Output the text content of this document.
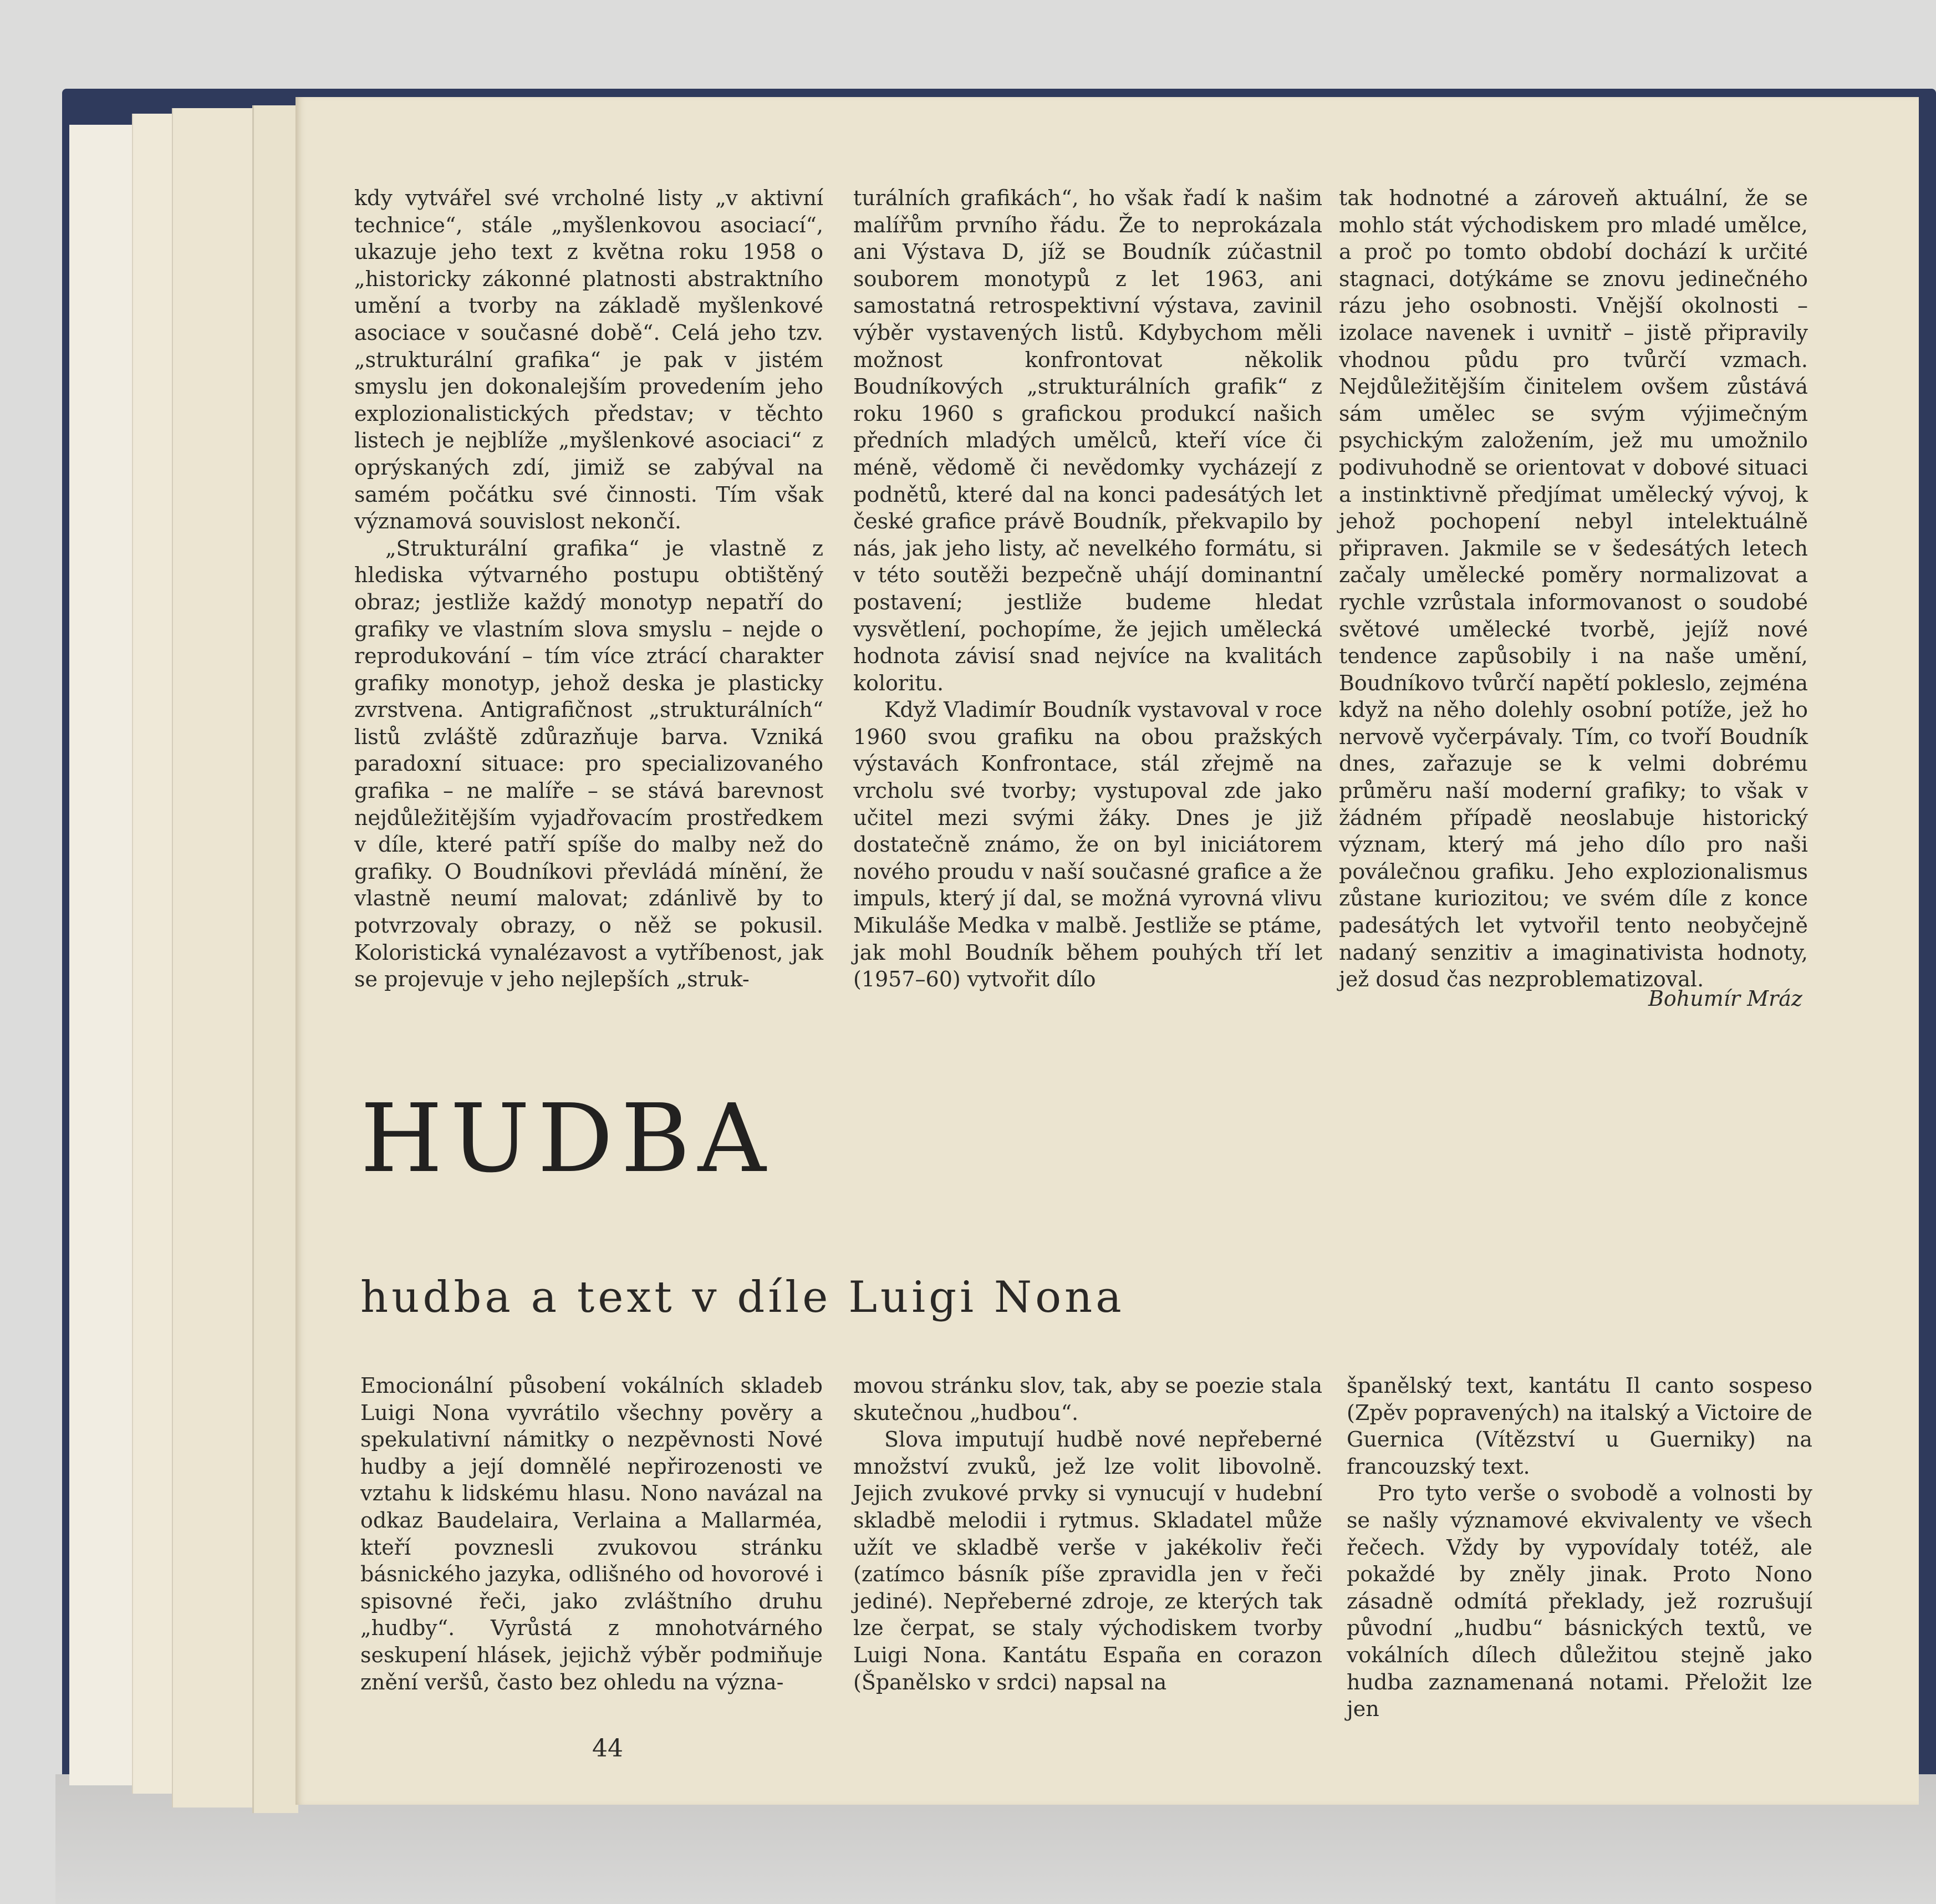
kdy vytvářel své vrcholné listy „v aktivní technice“, stále „myšlenkovou asociací“, ukazuje jeho text z května roku 1958 o „historicky zákonné platnosti abstraktního umění a tvorby na základě myšlenkové asociace v současné době“. Celá jeho tzv. „strukturální grafika“ je pak v jistém smyslu jen dokonalejším provedením jeho explozionalistických představ; v těchto listech je nejblíže „myšlenkové asociaci“ z oprýskaných zdí, jimiž se zabýval na samém počátku své činnosti. Tím však významová souvislost nekončí.

„Strukturální grafika“ je vlastně z hlediska výtvarného postupu obtištěný obraz; jestliže každý monotyp nepatří do grafiky ve vlastním slova smyslu – nejde o reprodukování – tím více ztrácí charakter grafiky monotyp, jehož deska je plasticky zvrstvena. Antigrafičnost „strukturálních“ listů zvláště zdůrazňuje barva. Vzniká paradoxní situace: pro specializovaného grafika – ne malíře – se stává barevnost nejdůležitějším vyjadřovacím prostředkem v díle, které patří spíše do malby než do grafiky. O Boudníkovi převládá mínění, že vlastně neumí malovat; zdánlivě by to potvrzovaly obrazy, o něž se pokusil. Koloristická vynalézavost a vytříbenost, jak se projevuje v jeho nejlepších „struk-

turálních grafikách“, ho však řadí k našim malířům prvního řádu. Že to neprokázala ani Výstava D, jíž se Boudník zúčastnil souborem monotypů z let 1963, ani samostatná retrospektivní výstava, zavinil výběr vystavených listů. Kdybychom měli možnost konfrontovat několik Boudníkových „strukturálních grafik“ z roku 1960 s grafickou produkcí našich předních mladých umělců, kteří více či méně, vědomě či nevědomky vycházejí z podnětů, které dal na konci padesátých let české grafice právě Boudník, překvapilo by nás, jak jeho listy, ač nevelkého formátu, si v této soutěži bezpečně uhájí dominantní postavení; jestliže budeme hledat vysvětlení, pochopíme, že jejich umělecká hodnota závisí snad nejvíce na kvalitách koloritu.

Když Vladimír Boudník vystavoval v roce 1960 svou grafiku na obou pražských výstavách Konfrontace, stál zřejmě na vrcholu své tvorby; vystupoval zde jako učitel mezi svými žáky. Dnes je již dostatečně známo, že on byl iniciátorem nového proudu v naší současné grafice a že impuls, který jí dal, se možná vyrovná vlivu Mikuláše Medka v malbě. Jestliže se ptáme, jak mohl Boudník během pouhých tří let (1957–60) vytvořit dílo

tak hodnotné a zároveň aktuální, že se mohlo stát východiskem pro mladé umělce, a proč po tomto období dochází k určité stagnaci, dotýkáme se znovu jedinečného rázu jeho osobnosti. Vnější okolnosti – izolace navenek i uvnitř – jistě připravily vhodnou půdu pro tvůrčí vzmach. Nejdůležitějším činitelem ovšem zůstává sám umělec se svým výjimečným psychickým založením, jež mu umožnilo podivuhodně se orientovat v dobové situaci a instinktivně předjímat umělecký vývoj, k jehož pochopení nebyl intelektuálně připraven. Jakmile se v šedesátých letech začaly umělecké poměry normalizovat a rychle vzrůstala informovanost o soudobé světové umělecké tvorbě, jejíž nové tendence zapůsobily i na naše umění, Boudníkovo tvůrčí napětí pokleslo, zejména když na něho dolehly osobní potíže, jež ho nervově vyčerpávaly. Tím, co tvoří Boudník dnes, zařazuje se k velmi dobrému průměru naší moderní grafiky; to však v žádném případě neoslabuje historický význam, který má jeho dílo pro naši poválečnou grafiku. Jeho explozionalismus zůstane kuriozitou; ve svém díle z konce padesátých let vytvořil tento neobyčejně nadaný senzitiv a imaginativista hodnoty, jež dosud čas nezproblematizoval.

Bohumír Mráz
HUDBA
hudba a text v díle Luigi Nona

Emocionální působení vokálních skladeb Luigi Nona vyvrátilo všechny pověry a spekulativní námitky o nezpěvnosti Nové hudby a její domnělé nepřirozenosti ve vztahu k lidskému hlasu. Nono navázal na odkaz Baudelaira, Verlaina a Mallarméa, kteří povznesli zvukovou stránku básnického jazyka, odlišného od hovorové i spisovné řeči, jako zvláštního druhu „hudby“. Vyrůstá z mnohotvárného seskupení hlásek, jejichž výběr podmiňuje znění veršů, často bez ohledu na význa-

movou stránku slov, tak, aby se poezie stala skutečnou „hudbou“.

Slova imputují hudbě nové nepřeberné množství zvuků, jež lze volit libovolně. Jejich zvukové prvky si vynucují v hudební skladbě melodii i rytmus. Skladatel může užít ve skladbě verše v jakékoliv řeči (zatímco básník píše zpravidla jen v řeči jediné). Nepřeberné zdroje, ze kterých tak lze čerpat, se staly východiskem tvorby Luigi Nona. Kantátu España en corazon (Španělsko v srdci) napsal na

španělský text, kantátu Il canto sospeso (Zpěv popravených) na italský a Victoire de Guernica (Vítězství u Guerniky) na francouzský text.

Pro tyto verše o svobodě a volnosti by se našly významové ekvivalenty ve všech řečech. Vždy by vypovídaly totéž, ale pokaždé by zněly jinak. Proto Nono zásadně odmítá překlady, jež rozrušují původní „hudbu“ básnických textů, ve vokálních dílech důležitou stejně jako hudba zaznamenaná notami. Přeložit lze jen

44
